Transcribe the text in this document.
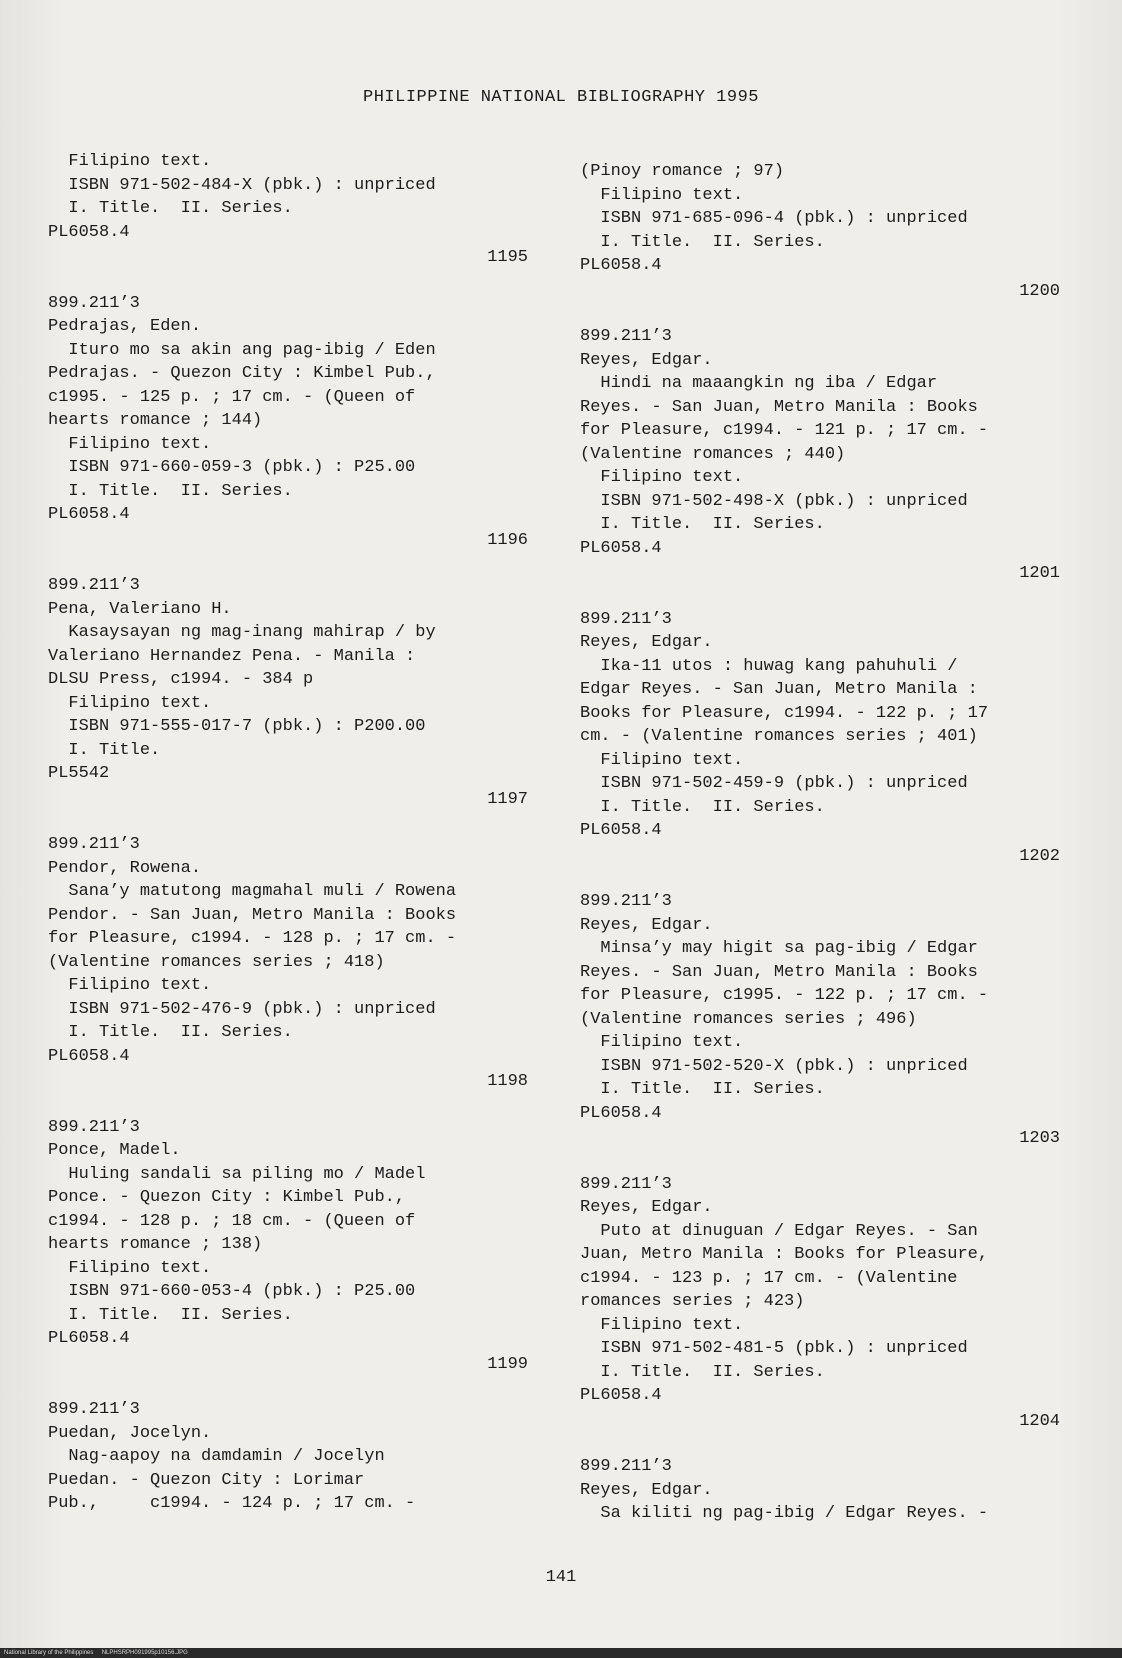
PHILIPPINE NATIONAL BIBLIOGRAPHY 1995
Filipino text.
ISBN 971-502-484-X (pbk.) : unpriced
I. Title.  II. Series.
PL6058.4
1195
899.211’3
Pedrajas, Eden.
Ituro mo sa akin ang pag-ibig / Eden
Pedrajas. - Quezon City : Kimbel Pub.,
c1995. - 125 p. ; 17 cm. - (Queen of
hearts romance ; 144)
Filipino text.
ISBN 971-660-059-3 (pbk.) : P25.00
I. Title.  II. Series.
PL6058.4
1196
899.211’3
Pena, Valeriano H.
Kasaysayan ng mag-inang mahirap / by
Valeriano Hernandez Pena. - Manila :
DLSU Press, c1994. - 384 p
Filipino text.
ISBN 971-555-017-7 (pbk.) : P200.00
I. Title.
PL5542
1197
899.211’3
Pendor, Rowena.
Sana’y matutong magmahal muli / Rowena
Pendor. - San Juan, Metro Manila : Books
for Pleasure, c1994. - 128 p. ; 17 cm. -
(Valentine romances series ; 418)
Filipino text.
ISBN 971-502-476-9 (pbk.) : unpriced
I. Title.  II. Series.
PL6058.4
1198
899.211’3
Ponce, Madel.
Huling sandali sa piling mo / Madel
Ponce. - Quezon City : Kimbel Pub.,
c1994. - 128 p. ; 18 cm. - (Queen of
hearts romance ; 138)
Filipino text.
ISBN 971-660-053-4 (pbk.) : P25.00
I. Title.  II. Series.
PL6058.4
1199
899.211’3
Puedan, Jocelyn.
Nag-aapoy na damdamin / Jocelyn
Puedan. - Quezon City : Lorimar
Pub.,     c1994. - 124 p. ; 17 cm. -
(Pinoy romance ; 97)
Filipino text.
ISBN 971-685-096-4 (pbk.) : unpriced
I. Title.  II. Series.
PL6058.4
1200
899.211’3
Reyes, Edgar.
Hindi na maaangkin ng iba / Edgar
Reyes. - San Juan, Metro Manila : Books
for Pleasure, c1994. - 121 p. ; 17 cm. -
(Valentine romances ; 440)
Filipino text.
ISBN 971-502-498-X (pbk.) : unpriced
I. Title.  II. Series.
PL6058.4
1201
899.211’3
Reyes, Edgar.
Ika-11 utos : huwag kang pahuhuli /
Edgar Reyes. - San Juan, Metro Manila :
Books for Pleasure, c1994. - 122 p. ; 17
cm. - (Valentine romances series ; 401)
Filipino text.
ISBN 971-502-459-9 (pbk.) : unpriced
I. Title.  II. Series.
PL6058.4
1202
899.211’3
Reyes, Edgar.
Minsa’y may higit sa pag-ibig / Edgar
Reyes. - San Juan, Metro Manila : Books
for Pleasure, c1995. - 122 p. ; 17 cm. -
(Valentine romances series ; 496)
Filipino text.
ISBN 971-502-520-X (pbk.) : unpriced
I. Title.  II. Series.
PL6058.4
1203
899.211’3
Reyes, Edgar.
Puto at dinuguan / Edgar Reyes. - San
Juan, Metro Manila : Books for Pleasure,
c1994. - 123 p. ; 17 cm. - (Valentine
romances series ; 423)
Filipino text.
ISBN 971-502-481-5 (pbk.) : unpriced
I. Title.  II. Series.
PL6058.4
1204
899.211’3
Reyes, Edgar.
Sa kiliti ng pag-ibig / Edgar Reyes. -
141
National Library of the Philippines     NLPHSRPH091995p10156.JPG
